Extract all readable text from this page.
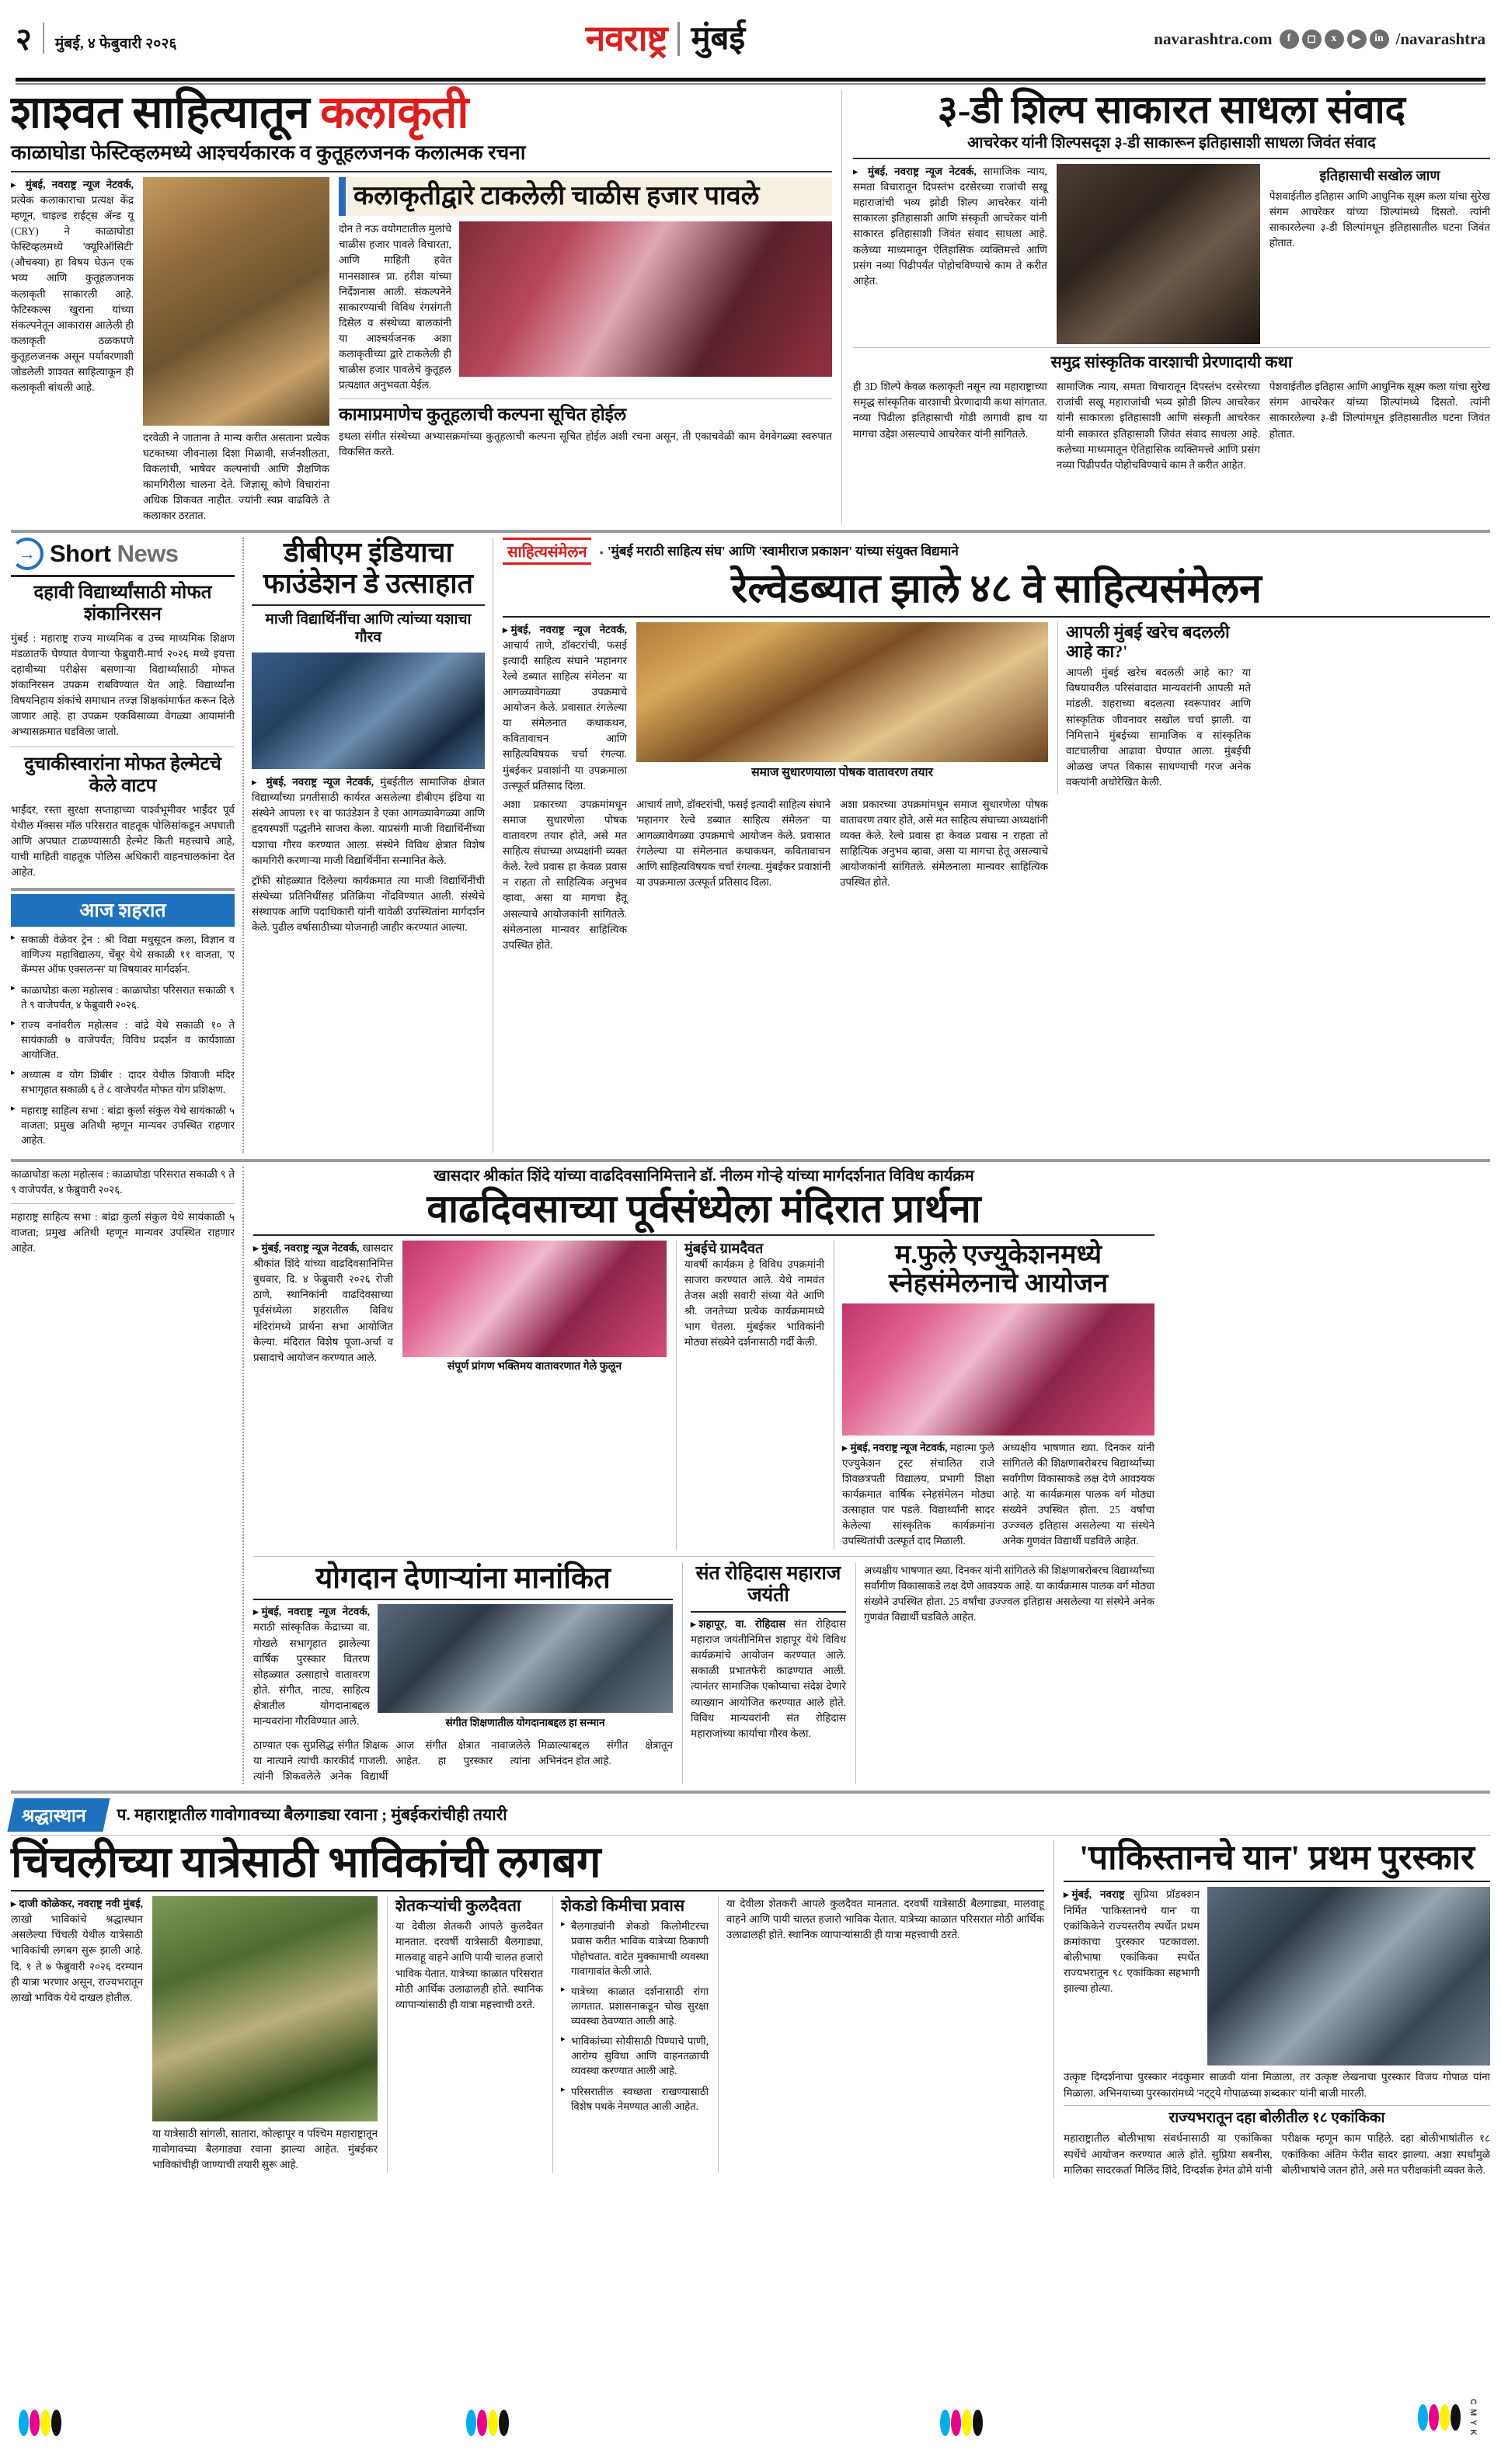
२ मुंबई, ४ फेबुवारी २०२६	नवराष्ट्र मुंबई	navarashtra.com	f	◻	x	▶	in /navarashtra
शाश्वत साहित्यातून कलाकृती
काळाघोडा फेस्टिव्हलमध्ये आश्चर्यकारक व कुतूहलजनक कलात्मक रचना
▸ मुंबई, नवराष्ट्र न्यूज नेटवर्क, प्रत्येक कलाकाराचा प्रत्यक्ष केंद्र म्हणून, चाइल्ड राईट्स ॲन्ड यू (CRY) ने काळाघोडा फेस्टिव्हलमध्ये 'क्यूरिऑसिटी' (औचक्या) हा विषय घेऊन एक भव्य आणि कुतूहलजनक कलाकृती साकारली आहे. फेटिस्कल्स खुराना यांच्या संकल्पनेतून आकारास आलेली ही कलाकृती ठळकपणे कुतूहलजनक असून पर्यावरणाशी जोडलेली शाश्वत साहित्याकून ही कलाकृती बांधली आहे.
दरवेळी ने जाताना ते मान्य करीत असताना प्रत्येक घटकाच्या जीवनाला दिशा मिळावी, सर्जनशीलता, विकलांची, भाषेवर कल्पनांची आणि शैक्षणिक कामगिरीला चालना देते. जिज्ञासू कोणे विचारांना अधिक शिकवत नाहीत. ज्यांनी स्वप्न वाढविले ते कलाकार ठरतात.
कलाकृतीद्वारे टाकलेली चाळीस हजार पावले
दोन ते नऊ वयोगटातील मुलांचे चाळीस हजार पावले विचारता, आणि माहिती हवेत मानसशास्त्र प्रा. हरीश यांच्या निर्देशनास आली. संकल्पनेने साकारण्याची विविध रंगसंगती दिसेल व संस्थेच्या बालकांनी या आश्चर्यजनक अशा कलाकृतीच्या द्वारे टाकलेली ही चाळीस हजार पावलेचे कुतूहल प्रत्यक्षात अनुभवता येईल.
कामाप्रमाणेच कुतूहलाची कल्पना सूचित होईल
इथला संगीत संस्थेच्या अभ्यासक्रमांच्या कुतूहलाची कल्पना सूचित होईल अशी रचना असून, ती एकाचवेळी काम वेगवेगळ्या स्वरुपात विकसित करते.
३-डी शिल्प साकारत साधला संवाद
आचरेकर यांनी शिल्पसदृश ३-डी साकारून इतिहासाशी साधला जिवंत संवाद
▸ मुंबई, नवराष्ट्र न्यूज नेटवर्क, सामाजिक न्याय, समता विचारातून दिपस्तंभ दरसेरच्या राजांची सखू महाराजांची भव्य झोडी शिल्प आचरेकर यांनी साकारला इतिहासाशी आणि संस्कृती आचरेकर यांनी साकारत इतिहासाशी जिवंत संवाद साधला आहे. कलेच्या माध्यमातून ऐतिहासिक व्यक्तिमत्त्वे आणि प्रसंग नव्या पिढीपर्यंत पोहोचविण्याचे काम ते करीत आहेत.
इतिहासाची सखोल जाण
पेशवाईतील इतिहास आणि आधुनिक सूक्ष्म कला यांचा सुरेख संगम आचरेकर यांच्या शिल्पांमध्ये दिसतो. त्यांनी साकारलेल्या ३-डी शिल्पांमधून इतिहासातील घटना जिवंत होतात.
समुद्र सांस्कृतिक वारशाची प्रेरणादायी कथा
ही 3D शिल्पे केवळ कलाकृती नसून त्या महाराष्ट्राच्या समृद्ध सांस्कृतिक वारशाची प्रेरणादायी कथा सांगतात. नव्या पिढीला इतिहासाची गोडी लागावी हाच या मागचा उद्देश असल्याचे आचरेकर यांनी सांगितले.
सामाजिक न्याय, समता विचारातून दिपस्तंभ दरसेरच्या राजांची सखू महाराजांची भव्य झोडी शिल्प आचरेकर यांनी साकारला इतिहासाशी आणि संस्कृती आचरेकर यांनी साकारत इतिहासाशी जिवंत संवाद साधला आहे. कलेच्या माध्यमातून ऐतिहासिक व्यक्तिमत्त्वे आणि प्रसंग नव्या पिढीपर्यंत पोहोचविण्याचे काम ते करीत आहेत.
पेशवाईतील इतिहास आणि आधुनिक सूक्ष्म कला यांचा सुरेख संगम आचरेकर यांच्या शिल्पांमध्ये दिसतो. त्यांनी साकारलेल्या ३-डी शिल्पांमधून इतिहासातील घटना जिवंत होतात.
→ Short News
दहावी विद्यार्थ्यांसाठी मोफत शंकानिरसन
मुंबई : महाराष्ट्र राज्य माध्यमिक व उच्च माध्यमिक शिक्षण मंडळातर्फे घेण्यात येणाऱ्या फेब्रुवारी-मार्च २०२६ मध्ये इयत्ता दहावीच्या परीक्षेस बसणाऱ्या विद्यार्थ्यांसाठी मोफत शंकानिरसन उपक्रम राबविण्यात येत आहे. विद्यार्थ्यांना विषयनिहाय शंकांचे समाधान तज्ज्ञ शिक्षकांमार्फत करून दिले जाणार आहे. हा उपक्रम एकविसाव्या वेगळ्या आयामांनी अभ्यासक्रमात घडविला जातो.
दुचाकीस्वारांना मोफत हेल्मेटचे केले वाटप
भाईंदर, रस्ता सुरक्षा सप्ताहाच्या पार्श्वभूमीवर भाईंदर पूर्व येथील मॅक्सस मॉल परिसरात वाहतूक पोलिसांकडून अपघाती आणि अपघात टाळण्यासाठी हेल्मेट किती महत्त्वाचे आहे, याची माहिती वाहतूक पोलिस अधिकारी वाहनचालकांना देत आहेत.
आज शहरात
▸ सकाळी वेळेवर ट्रेन : श्री विद्या मधुसूदन कला, विज्ञान व वाणिज्य महाविद्यालय, चेंबूर येथे सकाळी ११ वाजता, 'ए कॅम्पस ऑफ एक्सलन्स' या विषयावर मार्गदर्शन.
▸ काळाघोडा कला महोत्सव : काळाघोडा परिसरात सकाळी ९ ते ९ वाजेपर्यंत, ४ फेब्रुवारी २०२६.
▸ राज्य वनांवरील महोत्सव : वांद्रे येथे सकाळी १० ते सायंकाळी ७ वाजेपर्यंत; विविध प्रदर्शन व कार्यशाळा आयोजित.
▸ अध्यात्म व योग शिबीर : दादर येथील शिवाजी मंदिर सभागृहात सकाळी ६ ते ८ वाजेपर्यंत मोफत योग प्रशिक्षण.
▸ महाराष्ट्र साहित्य सभा : बांद्रा कुर्ला संकुल येथे सायंकाळी ५ वाजता; प्रमुख अतिथी म्हणून मान्यवर उपस्थित राहणार आहेत.
डीबीएम इंडियाचा फाउंडेशन डे उत्साहात
माजी विद्यार्थिनींचा आणि त्यांच्या यशाचा गौरव
▸ मुंबई, नवराष्ट्र न्यूज नेटवर्क, मुंबईतील सामाजिक क्षेत्रात विद्यार्थ्यांच्या प्रगतीसाठी कार्यरत असलेल्या डीबीएम इंडिया या संस्थेने आपला ११ वा फाउंडेशन डे एका आगळ्यावेगळ्या आणि हृदयस्पर्शी पद्धतीने साजरा केला. याप्रसंगी माजी विद्यार्थिनींच्या यशाचा गौरव करण्यात आला. संस्थेने विविध क्षेत्रात विशेष कामगिरी करणाऱ्या माजी विद्यार्थिनींना सन्मानित केले.
ट्रॉफी सोहळ्यात दिलेल्या कार्यक्रमात त्या माजी विद्यार्थिनींची संस्थेच्या प्रतिनिधींसह प्रतिक्रिया नोंदविण्यात आली. संस्थेचे संस्थापक आणि पदाधिकारी यांनी यावेळी उपस्थितांना मार्गदर्शन केले. पुढील वर्षासाठीच्या योजनाही जाहीर करण्यात आल्या.
साहित्यसंमेलन	● 'मुंबई मराठी साहित्य संघ' आणि 'स्वामीराज प्रकाशन' यांच्या संयुक्त विद्यमाने
रेल्वेडब्यात झाले ४८ वे साहित्यसंमेलन
▸ मुंबई, नवराष्ट्र न्यूज नेटवर्क, आचार्य ताणे, डॉक्टरांची, फसई इत्यादी साहित्य संघाने 'महानगर रेल्वे डब्यात साहित्य संमेलन' या आगळ्यावेगळ्या उपक्रमाचे आयोजन केले. प्रवासात रंगलेल्या या संमेलनात कथाकथन, कवितावाचन आणि साहित्यविषयक चर्चा रंगल्या. मुंबईकर प्रवाशांनी या उपक्रमाला उत्स्फूर्त प्रतिसाद दिला.
समाज सुधारणयाला पोषक वातावरण तयार
आपली मुंबई खरेच बदलली आहे का?'
आपली मुंबई खरेच बदलली आहे का? या विषयावरील परिसंवादात मान्यवरांनी आपली मते मांडली. शहराच्या बदलत्या स्वरूपावर आणि सांस्कृतिक जीवनावर सखोल चर्चा झाली. या निमित्ताने मुंबईच्या सामाजिक व सांस्कृतिक वाटचालीचा आढावा घेण्यात आला. मुंबईची ओळख जपत विकास साधण्याची गरज अनेक वक्त्यांनी अधोरेखित केली.
अशा प्रकारच्या उपक्रमांमधून समाज सुधारणेला पोषक वातावरण तयार होते, असे मत साहित्य संघाच्या अध्यक्षांनी व्यक्त केले. रेल्वे प्रवास हा केवळ प्रवास न राहता तो साहित्यिक अनुभव व्हावा, असा या मागचा हेतू असल्याचे आयोजकांनी सांगितले. संमेलनाला मान्यवर साहित्यिक उपस्थित होते.
आचार्य ताणे, डॉक्टरांची, फसई इत्यादी साहित्य संघाने 'महानगर रेल्वे डब्यात साहित्य संमेलन' या आगळ्यावेगळ्या उपक्रमाचे आयोजन केले. प्रवासात रंगलेल्या या संमेलनात कथाकथन, कवितावाचन आणि साहित्यविषयक चर्चा रंगल्या. मुंबईकर प्रवाशांनी या उपक्रमाला उत्स्फूर्त प्रतिसाद दिला.
अशा प्रकारच्या उपक्रमांमधून समाज सुधारणेला पोषक वातावरण तयार होते, असे मत साहित्य संघाच्या अध्यक्षांनी व्यक्त केले. रेल्वे प्रवास हा केवळ प्रवास न राहता तो साहित्यिक अनुभव व्हावा, असा या मागचा हेतू असल्याचे आयोजकांनी सांगितले. संमेलनाला मान्यवर साहित्यिक उपस्थित होते.
काळाघोडा कला महोत्सव : काळाघोडा परिसरात सकाळी ९ ते ९ वाजेपर्यंत, ४ फेब्रुवारी २०२६.
महाराष्ट्र साहित्य सभा : बांद्रा कुर्ला संकुल येथे सायंकाळी ५ वाजता; प्रमुख अतिथी म्हणून मान्यवर उपस्थित राहणार आहेत.
खासदार श्रीकांत शिंदे यांच्या वाढदिवसानिमित्ताने डॉ. नीलम गोऱ्हे यांच्या मार्गदर्शनात विविध कार्यक्रम
वाढदिवसाच्या पूर्वसंध्येला मंदिरात प्रार्थना
▸ मुंबई, नवराष्ट्र न्यूज नेटवर्क, खासदार श्रीकांत शिंदे यांच्या वाढदिवसानिमित्त बुधवार, दि. ४ फेब्रुवारी २०२६ रोजी ठाणे, स्थानिकांनी वाढदिवसाच्या पूर्वसंध्येला शहरातील विविध मंदिरांमध्ये प्रार्थना सभा आयोजित केल्या. मंदिरात विशेष पूजा-अर्चा व प्रसादाचे आयोजन करण्यात आले.
संपूर्ण प्रांगण भक्तिमय वातावरणात गेले फुलून
मुंबईचे ग्रामदैवत
यावर्षी कार्यक्रम हे विविध उपक्रमांनी साजरा करण्यात आले. येथे नामवंत तेजस अशी सवारी संध्या येते आणि श्री. जनतेच्या प्रत्येक कार्यक्रमामध्ये भाग घेतला. मुंबईकर भाविकांनी मोठ्या संख्येने दर्शनासाठी गर्दी केली.
म.फुले एज्युकेशनमध्ये स्नेहसंमेलनाचे आयोजन
▸ मुंबई, नवराष्ट्र न्यूज नेटवर्क, महात्मा फुले एज्युकेशन ट्रस्ट संचालित राजे शिवछत्रपती विद्यालय, प्रभागी शिक्षा कार्यक्रमात वार्षिक स्नेहसंमेलन मोठ्या उत्साहात पार पडले. विद्यार्थ्यांनी सादर केलेल्या सांस्कृतिक कार्यक्रमांना उपस्थितांची उत्स्फूर्त दाद मिळाली.
अध्यक्षीय भाषणात ख्या. दिनकर यांनी सांगितले की शिक्षणाबरोबरच विद्यार्थ्यांच्या सर्वांगीण विकासाकडे लक्ष देणे आवश्यक आहे. या कार्यक्रमास पालक वर्ग मोठ्या संख्येने उपस्थित होता. 25 वर्षांचा उज्ज्वल इतिहास असलेल्या या संस्थेने अनेक गुणवंत विद्यार्थी घडविले आहेत.
योगदान देणाऱ्यांना मानांकित
▸ मुंबई, नवराष्ट्र न्यूज नेटवर्क, मराठी सांस्कृतिक केंद्राच्या वा. गोखले सभागृहात झालेल्या वार्षिक पुरस्कार वितरण सोहळ्यात उत्साहाचे वातावरण होते. संगीत, नाट्य, साहित्य क्षेत्रातील योगदानाबद्दल मान्यवरांना गौरविण्यात आले.	संगीत शिक्षणातील योगदानाबद्दल हा सन्मान
ठाण्यात एक सुप्रसिद्ध संगीत शिक्षक या नात्याने त्यांची कारकीर्द गाजली. त्यांनी शिकवलेले अनेक विद्यार्थी आज संगीत क्षेत्रात नावाजलेले आहेत. हा पुरस्कार त्यांना मिळाल्याबद्दल संगीत क्षेत्रातून अभिनंदन होत आहे.
संत रोहिदास महाराज जयंती
▸ शहापूर, वा. रोहिदास संत रोहिदास महाराज जयंतीनिमित्त शहापूर येथे विविध कार्यक्रमांचे आयोजन करण्यात आले. सकाळी प्रभातफेरी काढण्यात आली. त्यानंतर सामाजिक एकोप्याचा संदेश देणारे व्याख्यान आयोजित करण्यात आले होते. विविध मान्यवरांनी संत रोहिदास महाराजांच्या कार्याचा गौरव केला.
अध्यक्षीय भाषणात ख्या. दिनकर यांनी सांगितले की शिक्षणाबरोबरच विद्यार्थ्यांच्या सर्वांगीण विकासाकडे लक्ष देणे आवश्यक आहे. या कार्यक्रमास पालक वर्ग मोठ्या संख्येने उपस्थित होता. 25 वर्षांचा उज्ज्वल इतिहास असलेल्या या संस्थेने अनेक गुणवंत विद्यार्थी घडविले आहेत.
श्रद्धास्थान	प. महाराष्ट्रातील गावोगावच्या बैलगाड्या रवाना ; मुंबईकरांचीही तयारी
चिंचलीच्या यात्रेसाठी भाविकांची लगबग
▸ दाजी कोळेकर, नवराष्ट्र नवी मुंबई, लाखो भाविकांचे श्रद्धास्थान असलेल्या चिंचली येथील यात्रेसाठी भाविकांची लगबग सुरू झाली आहे. दि. १ ते ७ फेब्रुवारी २०२६ दरम्यान ही यात्रा भरणार असून, राज्यभरातून लाखो भाविक येथे दाखल होतील.
या यात्रेसाठी सांगली, सातारा, कोल्हापूर व पश्चिम महाराष्ट्रातून गावोगावच्या बैलगाड्या रवाना झाल्या आहेत. मुंबईकर भाविकांचीही जाण्याची तयारी सुरू आहे.
शेतकऱ्यांची कुलदैवता
या देवीला शेतकरी आपले कुलदैवत मानतात. दरवर्षी यात्रेसाठी बैलगाड्या, मालवाहू वाहने आणि पायी चालत हजारो भाविक येतात. यात्रेच्या काळात परिसरात मोठी आर्थिक उलाढालही होते. स्थानिक व्यापाऱ्यांसाठी ही यात्रा महत्त्वाची ठरते.
शेकडो किमीचा प्रवास
▸ बैलगाड्यांनी शेकडो किलोमीटरचा प्रवास करीत भाविक यात्रेच्या ठिकाणी पोहोचतात. वाटेत मुक्कामाची व्यवस्था गावागावांत केली जाते.
▸ यात्रेच्या काळात दर्शनासाठी रांगा लागतात. प्रशासनाकडून चोख सुरक्षा व्यवस्था ठेवण्यात आली आहे.
▸ भाविकांच्या सोयीसाठी पिण्याचे पाणी, आरोग्य सुविधा आणि वाहनतळाची व्यवस्था करण्यात आली आहे.
▸ परिसरातील स्वच्छता राखण्यासाठी विशेष पथके नेमण्यात आली आहेत.
या देवीला शेतकरी आपले कुलदैवत मानतात. दरवर्षी यात्रेसाठी बैलगाड्या, मालवाहू वाहने आणि पायी चालत हजारो भाविक येतात. यात्रेच्या काळात परिसरात मोठी आर्थिक उलाढालही होते. स्थानिक व्यापाऱ्यांसाठी ही यात्रा महत्त्वाची ठरते.
'पाकिस्तानचे यान' प्रथम पुरस्कार
▸ मुंबई, नवराष्ट्र सुप्रिया प्रॉडक्शन निर्मित 'पाकिस्तानचे यान' या एकांकिकेने राज्यस्तरीय स्पर्धेत प्रथम क्रमांकाचा पुरस्कार पटकावला. बोलीभाषा एकांकिका स्पर्धेत राज्यभरातून ९८ एकांकिका सहभागी झाल्या होत्या.
उत्कृष्ट दिग्दर्शनाचा पुरस्कार नंदकुमार साळवी यांना मिळाला, तर उत्कृष्ट लेखनाचा पुरस्कार विजय गोपाळ यांना मिळाला. अभिनयाच्या पुरस्कारांमध्ये 'नट्ट्ये गोपाळच्या शब्दकार' यांनी बाजी मारली.
राज्यभरातून दहा बोलीतील १८ एकांकिका
महाराष्ट्रातील बोलीभाषा संवर्धनासाठी या एकांकिका स्पर्धेचे आयोजन करण्यात आले होते. सुप्रिया सबनीस, मालिका सादरकर्ता मिलिंद शिंदे, दिग्दर्शक हेमंत ढोमे यांनी परीक्षक म्हणून काम पाहिले. दहा बोलीभाषांतील १८ एकांकिका अंतिम फेरीत सादर झाल्या. अशा स्पर्धांमुळे बोलीभाषांचे जतन होते, असे मत परीक्षकांनी व्यक्त केले.
C M Y K
